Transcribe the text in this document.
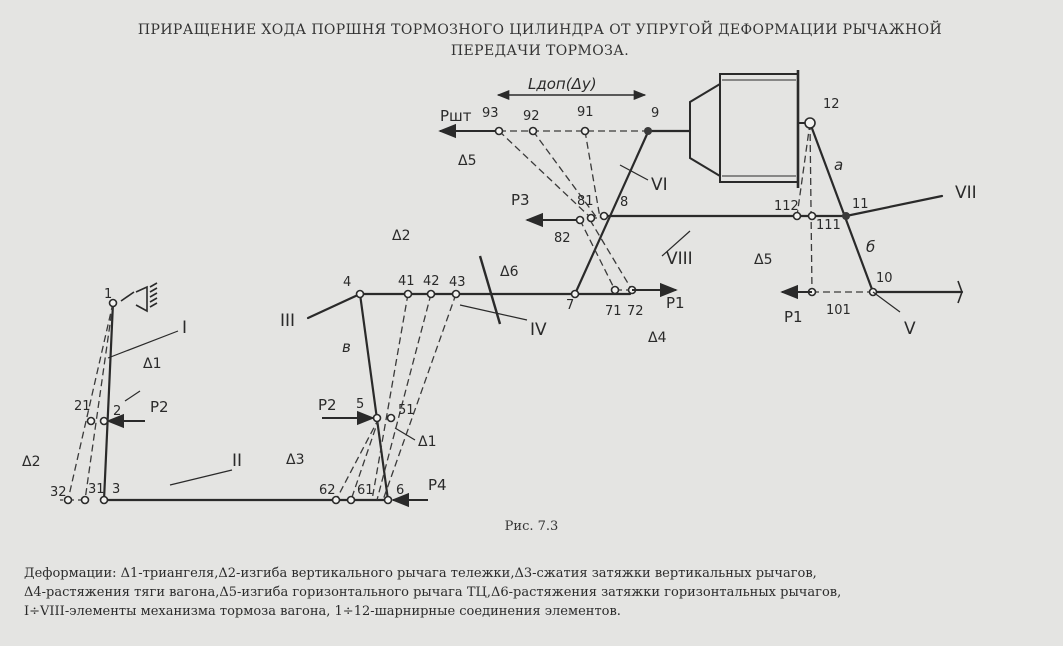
ПРИРАЩЕНИЕ ХОДА ПОРШНЯ ТОРМОЗНОГО ЦИЛИНДРА ОТ УПРУГОЙ ДЕФОРМАЦИИ РЫЧАЖНОЙ
ПЕРЕДАЧИ ТОРМОЗА.
I
II
III	IV	V
VI	VII
VIII
1
21 2
32 31 3
4	41 42 43
5	51
62 61 6
7 71 72
81
82
8
93 92	91	9
10
101
112
111
11
12
Δ1
Δ1
Δ2
Δ2
Δ3
Δ4
Δ5
Δ5
Δ6
P2	P2
P4
P1
P1
P3
Pшт
Lдоп(Δу)
в
а
б
Рис. 7.3
Деформации: Δ1-триангеля,Δ2-изгиба вертикального рычага тележки,Δ3-сжатия затяжки вертикальных рычагов,
Δ4-растяжения тяги вагона,Δ5-изгиба горизонтального рычага ТЦ,Δ6-растяжения затяжки горизонтальных рычагов,
I÷VIII-элементы механизма тормоза вагона, 1÷12-шарнирные соединения элементов.
